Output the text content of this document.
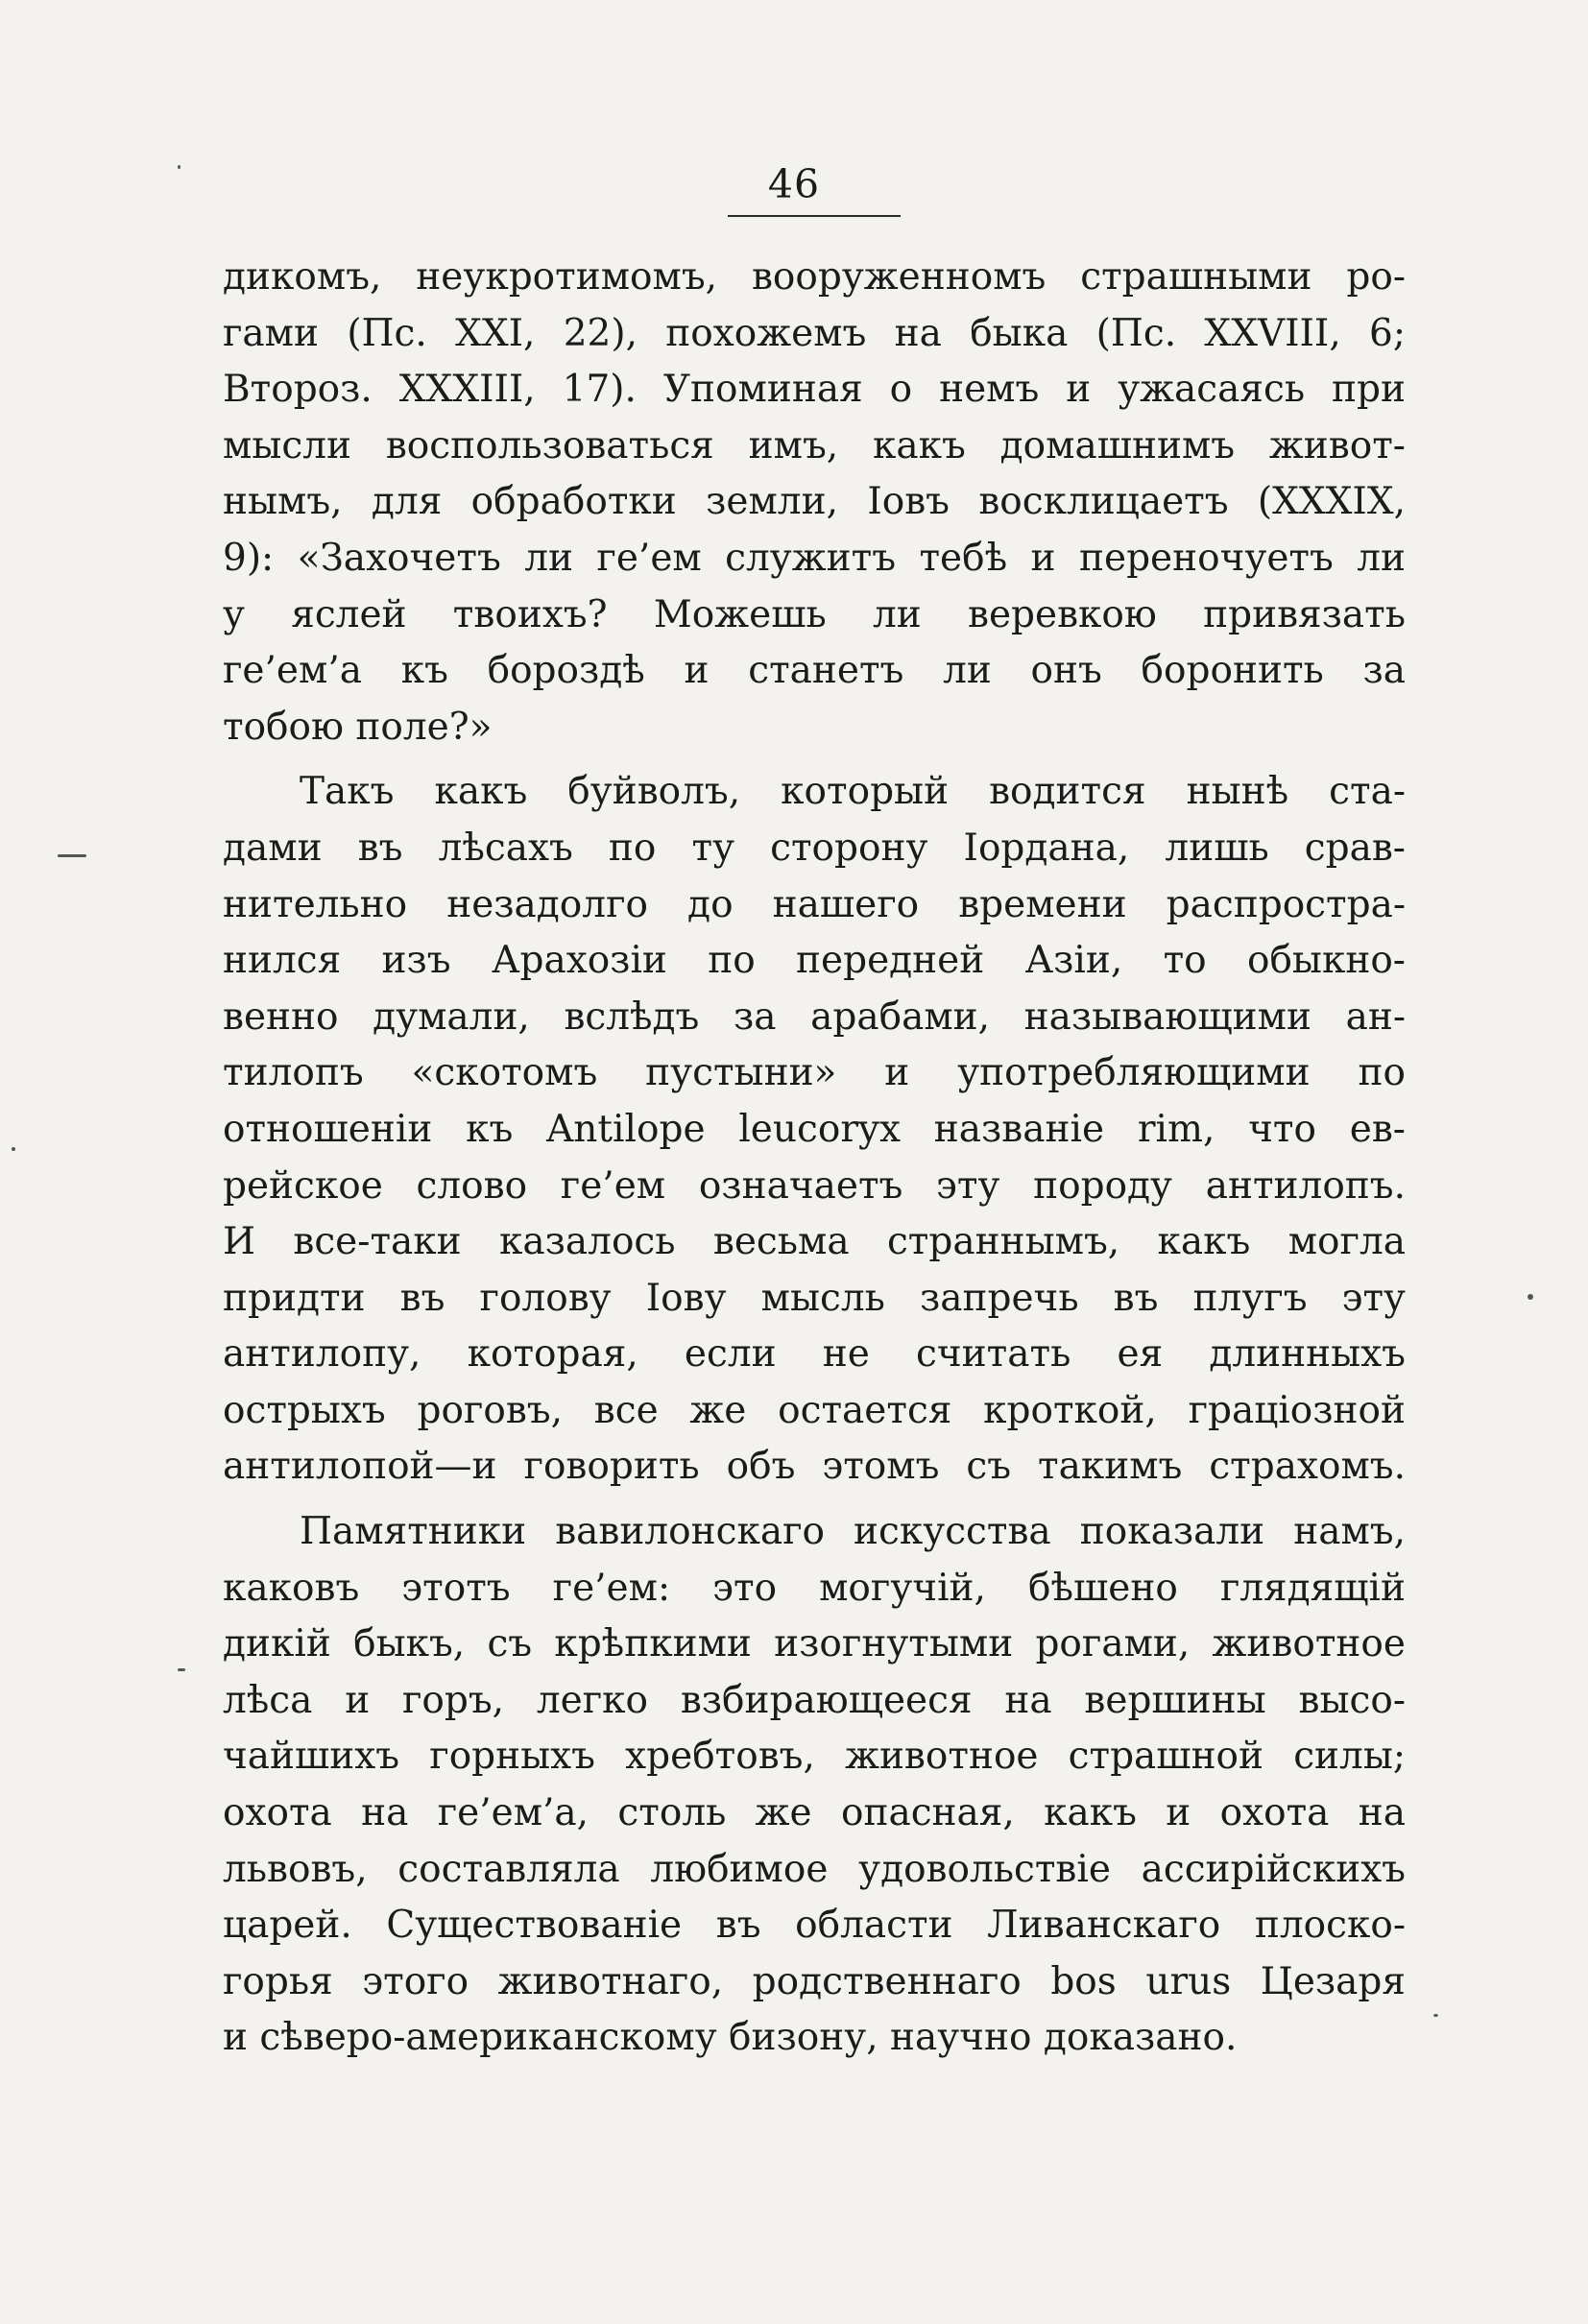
46
дикомъ, неукротимомъ, вооруженномъ страшными ро-
гами (Пс. XXI, 22), похожемъ на быка (Пс. XXVIII, 6;
Второз. XXXIII, 17). Упоминая о немъ и ужасаясь при
мысли воспользоваться имъ, какъ домашнимъ живот-
нымъ, для обработки земли, Іовъ восклицаетъ (XXXIX,
9): «Захочетъ ли ге’ем служитъ тебѣ и переночуетъ ли
у яслей твоихъ? Можешь ли веревкою привязать
ге’ем’а къ бороздѣ и станетъ ли онъ боронить за
тобою поле?»
Такъ какъ буйволъ, который водится нынѣ ста-
дами въ лѣсахъ по ту сторону Іордана, лишь срав-
нительно незадолго до нашего времени распростра-
нился изъ Арахозіи по передней Азіи, то обыкно-
венно думали, вслѣдъ за арабами, называющими ан-
тилопъ «скотомъ пустыни» и употребляющими по
отношеніи къ Antilope leucoryx названіе rim, что ев-
рейское слово ге’ем означаетъ эту породу антилопъ.
И все-таки казалось весьма страннымъ, какъ могла
придти въ голову Іову мысль запречь въ плугъ эту
антилопу, которая, если не считать ея длинныхъ
острыхъ роговъ, все же остается кроткой, граціозной
антилопой—и говорить объ этомъ съ такимъ страхомъ.
Памятники вавилонскаго искусства показали намъ,
каковъ этотъ ге’ем: это могучій, бѣшено глядящій
дикій быкъ, съ крѣпкими изогнутыми рогами, животное
лѣса и горъ, легко взбирающееся на вершины высо-
чайшихъ горныхъ хребтовъ, животное страшной силы;
охота на ге’ем’а, столь же опасная, какъ и охота на
львовъ, составляла любимое удовольствіе ассирійскихъ
царей. Существованіе въ области Ливанскаго плоско-
горья этого животнаго, родственнаго bos urus Цезаря
и сѣверо-американскому бизону, научно доказано.
